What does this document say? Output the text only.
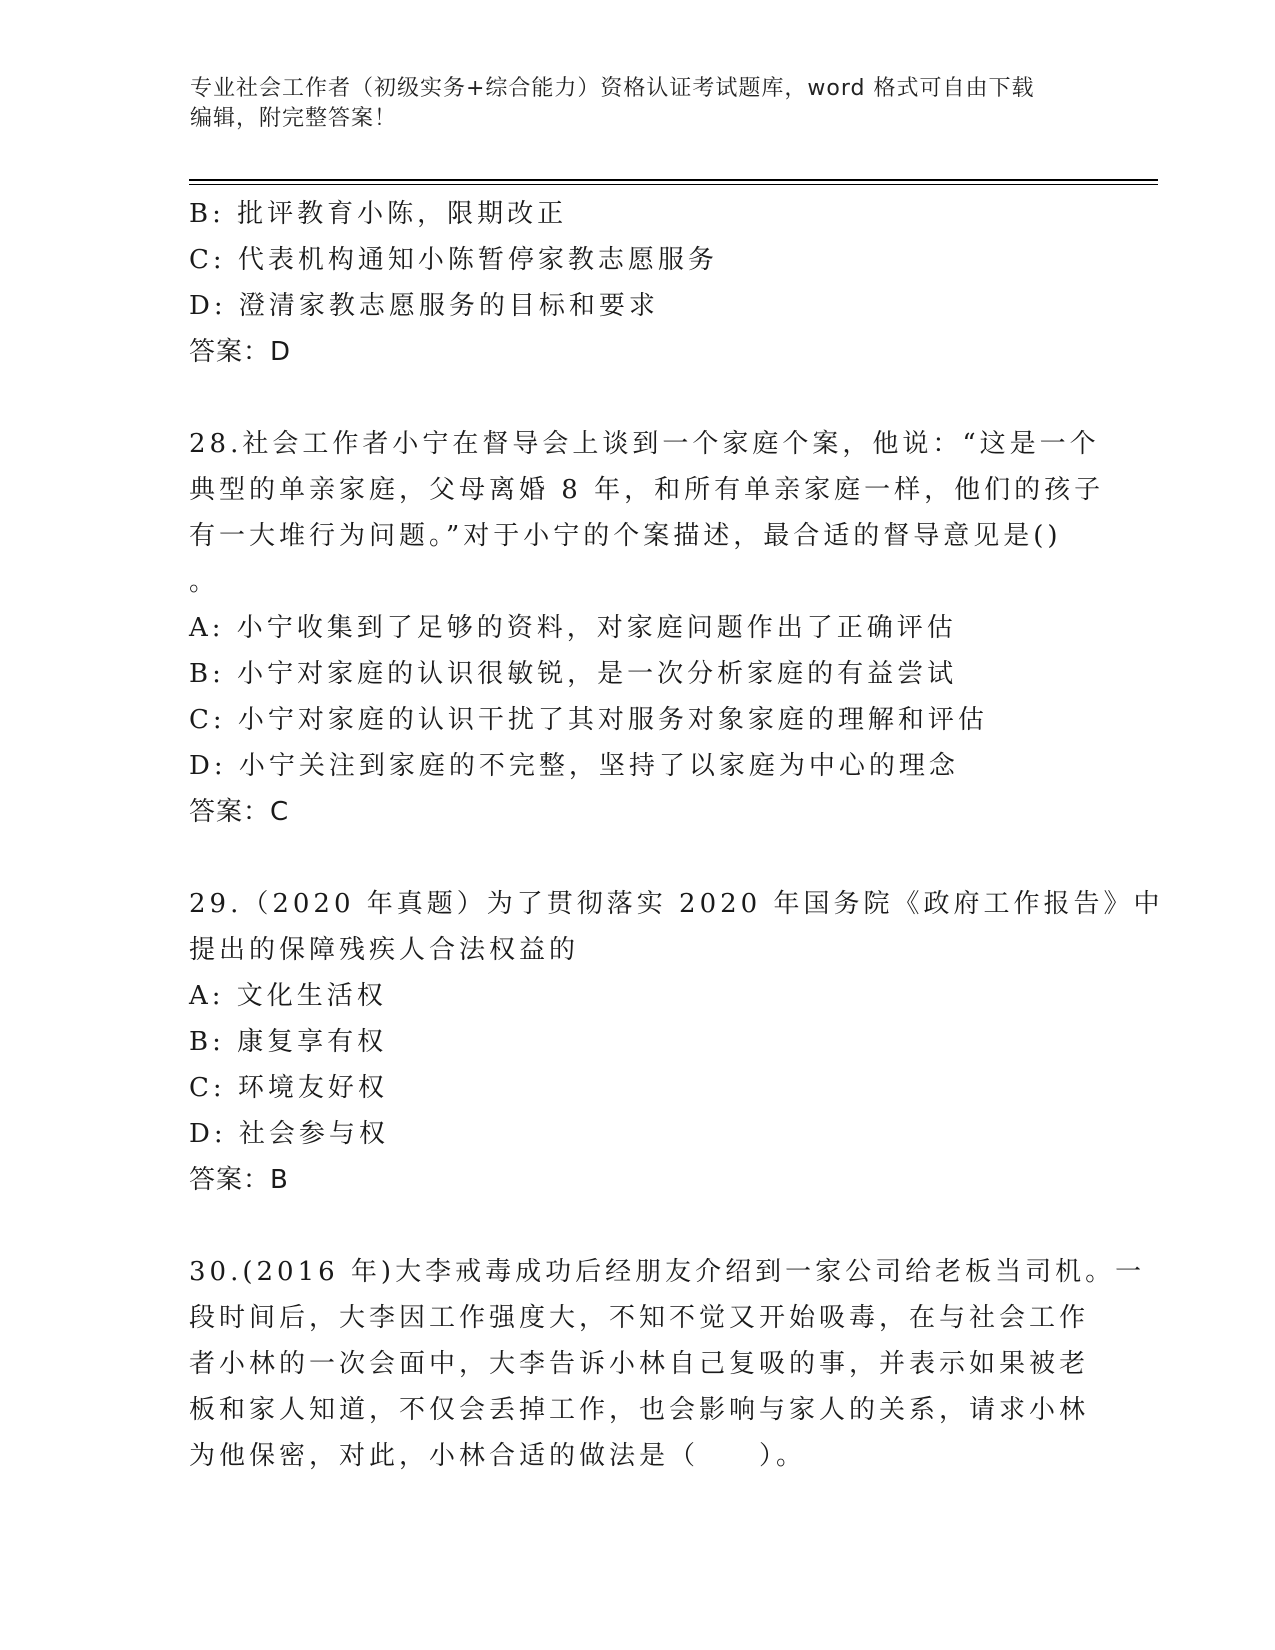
专业社会工作者（初级实务+综合能力）资格认证考试题库，word 格式可自由下载
编辑，附完整答案！
B: 批评教育小陈，限期改正
C: 代表机构通知小陈暂停家教志愿服务
D: 澄清家教志愿服务的目标和要求
答案：D
28.社会工作者小宁在督导会上谈到一个家庭个案，他说：“这是一个
典型的单亲家庭，父母离婚 8 年，和所有单亲家庭一样，他们的孩子
有一大堆行为问题。”对于小宁的个案描述，最合适的督导意见是()
。
A: 小宁收集到了足够的资料，对家庭问题作出了正确评估
B: 小宁对家庭的认识很敏锐，是一次分析家庭的有益尝试
C: 小宁对家庭的认识干扰了其对服务对象家庭的理解和评估
D: 小宁关注到家庭的不完整，坚持了以家庭为中心的理念
答案：C
29.（2020 年真题）为了贯彻落实 2020 年国务院《政府工作报告》中
提出的保障残疾人合法权益的
A: 文化生活权
B: 康复享有权
C: 环境友好权
D: 社会参与权
答案：B
30.(2016 年)大李戒毒成功后经朋友介绍到一家公司给老板当司机。一
段时间后，大李因工作强度大，不知不觉又开始吸毒，在与社会工作
者小林的一次会面中，大李告诉小林自己复吸的事，并表示如果被老
板和家人知道，不仅会丢掉工作，也会影响与家人的关系，请求小林
为他保密，对此，小林合适的做法是（　　）。
